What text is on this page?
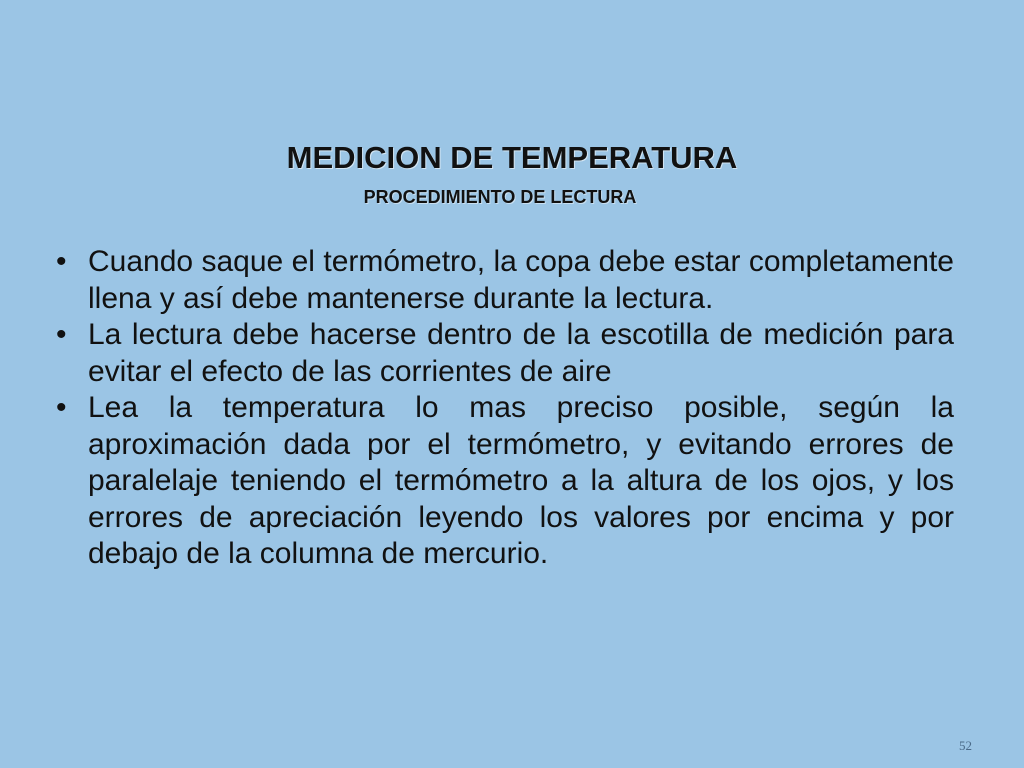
MEDICION DE TEMPERATURA
PROCEDIMIENTO DE LECTURA
• Cuando saque el termómetro, la copa debe estar completamente llena y así debe mantenerse durante la lectura.
• La lectura debe hacerse dentro de la escotilla de medición para evitar el efecto de las corrientes de aire
• Lea la temperatura lo mas preciso posible, según la aproximación dada por el termómetro, y evitando errores de paralelaje teniendo el termómetro a la altura de los ojos, y los errores de apreciación leyendo los valores por encima y por debajo de la columna de mercurio.
52
